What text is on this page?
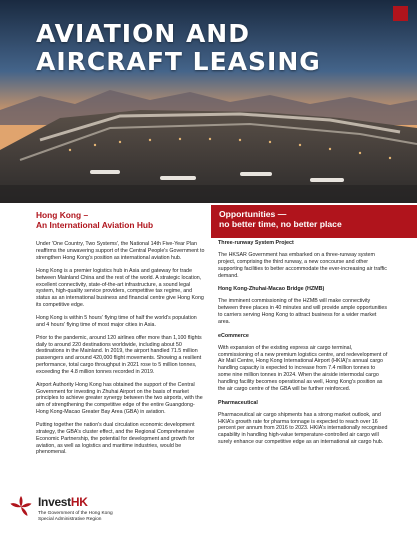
AVIATION AND
AIRCRAFT LEASING
Hong Kong –
An International Aviation Hub

Under 'One Country, Two Systems', the National 14th Five-Year Plan reaffirms the unwavering support of the Central People's Government to strengthen Hong Kong's position as international aviation hub.

Hong Kong is a premier logistics hub in Asia and gateway for trade between Mainland China and the rest of the world. A strategic location, excellent connectivity, state-of-the-art infrastructure, a sound legal system, high-quality service providers, competitive tax regime, and status as an international business and financial centre give Hong Kong its competitive edge.

Hong Kong is within 5 hours' flying time of half the world's population and 4 hours' flying time of most major cities in Asia.

Prior to the pandemic, around 120 airlines offer more than 1,100 flights daily to around 220 destinations worldwide, including about 50 destinations in the Mainland. In 2019, the airport handled 71.5 million passengers and around 420,000 flight movements. Showing a resilient performance, total cargo throughput in 2021 rose to 5 million tonnes, exceeding the 4.8 million tonnes recorded in 2019.

Airport Authority Hong Kong has obtained the support of the Central Government for investing in Zhuhai Airport on the basis of market principles to achieve greater synergy between the two airports, with the aim of strengthening the competitive edge of the entire Guangdong-Hong Kong-Macao Greater Bay Area (GBA) in aviation.

Putting together the nation's dual circulation economic development strategy, the GBA's cluster effect, and the Regional Comprehensive Economic Partnership, the potential for development and growth for aviation, as well as logistics and maritime industries, would be phenomenal.

Opportunities —
no better time, no better place
Three-runway System Project

The HKSAR Government has embarked on a three-runway system project, comprising the third runway, a new concourse and other supporting facilities to better accommodate the ever-increasing air traffic demand.

Hong Kong-Zhuhai-Macao Bridge (HZMB)

The imminent commissioning of the HZMB will make connectivity between three places in 40 minutes and will provide ample opportunities to carriers serving Hong Kong to attract business for a wider market area.

eCommerce

With expansion of the existing express air cargo terminal, commissioning of a new premium logistics centre, and redevelopment of Air Mail Centre, Hong Kong International Airport (HKIA)'s annual cargo handling capacity is expected to increase from 7.4 million tonnes to some nine million tonnes in 2024. When the airside intermodal cargo handling facility becomes operational as well, Hong Kong's position as the air cargo centre of the GBA will be further reinforced.

Pharmaceutical

Pharmaceutical air cargo shipments has a strong market outlook, and HKIA's growth rate for pharma tonnage is expected to reach over 16 percent per annum from 2016 to 2023. HKIA's internationally recognised capability in handling high-value temperature-controlled air cargo will surely enhance our competitive edge as an international air cargo hub.

InvestHK
The Government of the Hong Kong
Special Administrative Region
